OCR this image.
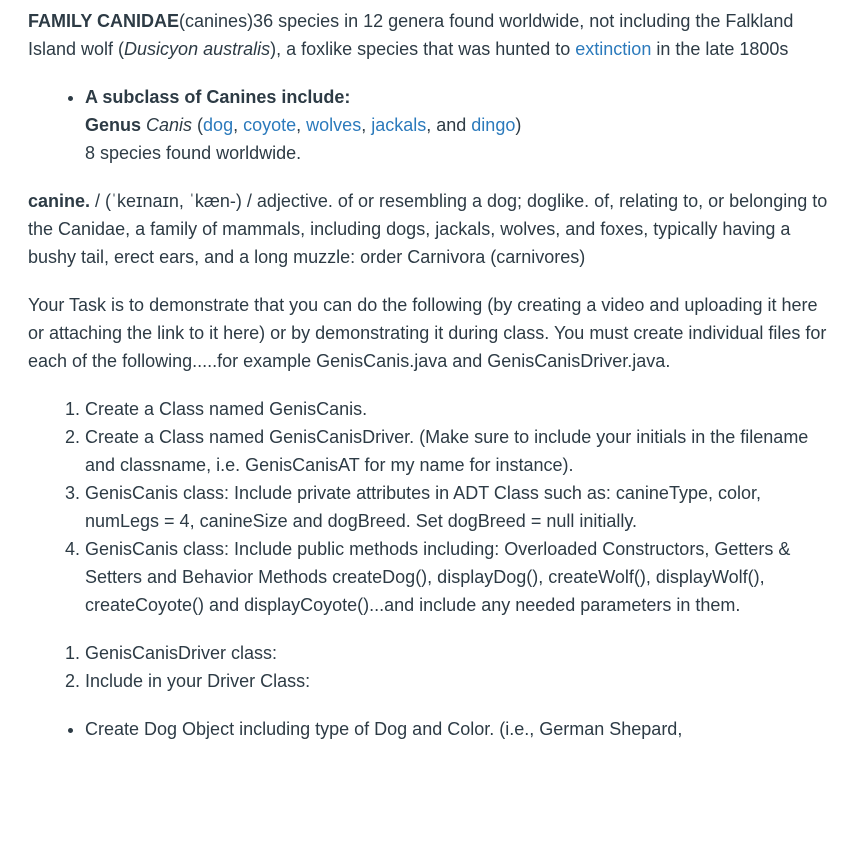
FAMILY CANIDAE(canines)36 species in 12 genera found worldwide, not including the Falkland Island wolf (Dusicyon australis), a foxlike species that was hunted to extinction in the late 1800s

• A subclass of Canines include:

Genus Canis (dog, coyote, wolves, jackals, and dingo)
8 species found worldwide.

canine. / (ˈkeɪnaɪn, ˈkæn-) / adjective. of or resembling a dog; doglike. of, relating to, or belonging to the Canidae, a family of mammals, including dogs, jackals, wolves, and foxes, typically having a bushy tail, erect ears, and a long muzzle: order Carnivora (carnivores)

Your Task is to demonstrate that you can do the following (by creating a video and uploading it here or attaching the link to it here) or by demonstrating it during class. You must create individual files for each of the following.....for example GenisCanis.java and GenisCanisDriver.java.

1. Create a Class named GenisCanis.
2. Create a Class named GenisCanisDriver. (Make sure to include your initials in the filename and classname, i.e. GenisCanisAT for my name for instance).
3. GenisCanis class: Include private attributes in ADT Class such as: canineType, color, numLegs = 4, canineSize and dogBreed. Set dogBreed = null initially.
4. GenisCanis class: Include public methods including: Overloaded Constructors, Getters & Setters and Behavior Methods createDog(), displayDog(), createWolf(), displayWolf(), createCoyote() and displayCoyote()...and include any needed parameters in them.
1. GenisCanisDriver class:
2. Include in your Driver Class:
• Create Dog Object including type of Dog and Color. (i.e., German Shepard,
